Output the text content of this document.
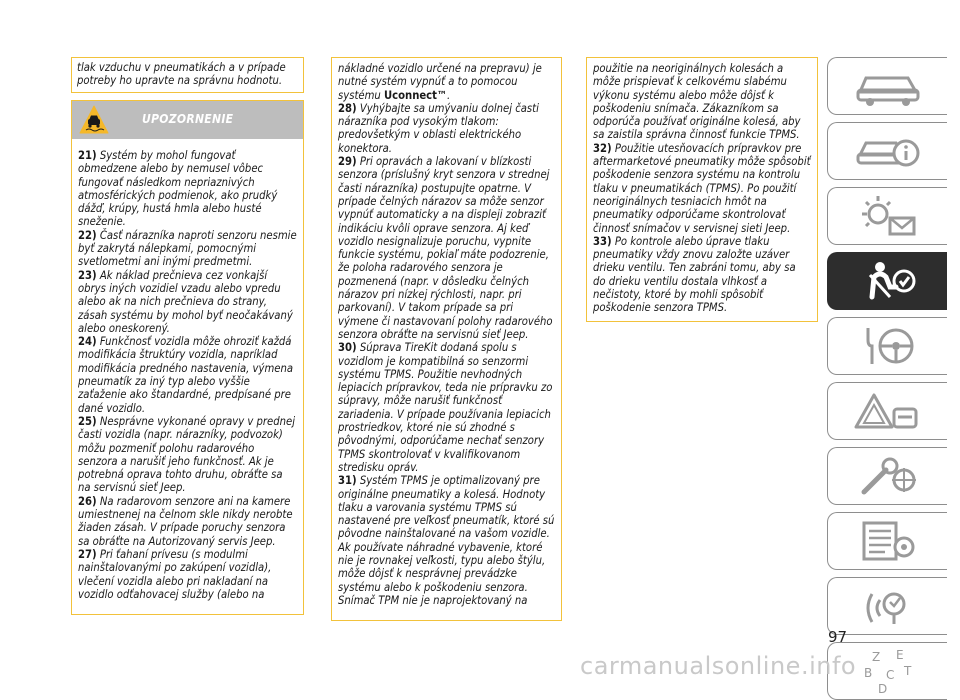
tlak vzduchu v pneumatikách a v prípade potreby ho upravte na správnu hodnotu.

UPOZORNENIE

21) Systém by mohol fungovať obmedzene alebo by nemusel vôbec fungovať následkom nepriaznivých atmosférických podmienok, ako prudký dážď, krúpy, hustá hmla alebo husté sneženie.

22) Časť nárazníka naproti senzoru nesmie byť zakrytá nálepkami, pomocnými svetlometmi ani inými predmetmi.

23) Ak náklad prečnieva cez vonkajší obrys iných vozidiel vzadu alebo vpredu alebo ak na nich prečnieva do strany, zásah systému by mohol byť neočakávaný alebo oneskorený.

24) Funkčnosť vozidla môže ohroziť každá modifikácia štruktúry vozidla, napríklad modifikácia predného nastavenia, výmena pneumatík za iný typ alebo vyššie zaťaženie ako štandardné, predpísané pre dané vozidlo.

25) Nesprávne vykonané opravy v prednej časti vozidla (napr. nárazníky, podvozok) môžu pozmeniť polohu radarového senzora a narušiť jeho funkčnosť. Ak je potrebná oprava tohto druhu, obráťte sa na servisnú sieť Jeep.

26) Na radarovom senzore ani na kamere umiestnenej na čelnom skle nikdy nerobte žiaden zásah. V prípade poruchy senzora sa obráťte na Autorizovaný servis Jeep.

27) Pri ťahaní prívesu (s modulmi nainštalovanými po zakúpení vozidla), vlečení vozidla alebo pri nakladaní na vozidlo odťahovacej služby (alebo na

nákladné vozidlo určené na prepravu) je nutné systém vypnúť a to pomocou systému Uconnect™.

28) Vyhýbajte sa umývaniu dolnej časti nárazníka pod vysokým tlakom: predovšetkým v oblasti elektrického konektora.

29) Pri opravách a lakovaní v blízkosti senzora (príslušný kryt senzora v strednej časti nárazníka) postupujte opatrne. V prípade čelných nárazov sa môže senzor vypnúť automaticky a na displeji zobraziť indikáciu kvôli oprave senzora. Aj keď vozidlo nesignalizuje poruchu, vypnite funkcie systému, pokiaľ máte podozrenie, že poloha radarového senzora je pozmenená (napr. v dôsledku čelných nárazov pri nízkej rýchlosti, napr. pri parkovaní). V takom prípade sa pri výmene či nastavovaní polohy radarového senzora obráťte na servisnú sieť Jeep.

30) Súprava TireKit dodaná spolu s vozidlom je kompatibilná so senzormi systému TPMS. Použitie nevhodných lepiacich prípravkov, teda nie prípravku zo súpravy, môže narušiť funkčnosť zariadenia. V prípade používania lepiacich prostriedkov, ktoré nie sú zhodné s pôvodnými, odporúčame nechať senzory TPMS skontrolovať v kvalifikovanom stredisku opráv.

31) Systém TPMS je optimalizovaný pre originálne pneumatiky a kolesá. Hodnoty tlaku a varovania systému TPMS sú nastavené pre veľkosť pneumatík, ktoré sú pôvodne nainštalované na vašom vozidle. Ak používate náhradné vybavenie, ktoré nie je rovnakej veľkosti, typu alebo štýlu, môže dôjsť k nesprávnej prevádzke systému alebo k poškodeniu senzora. Snímač TPM nie je naprojektovaný na

použitie na neoriginálnych kolesách a môže prispievať k celkovému slabému výkonu systému alebo môže dôjsť k poškodeniu snímača. Zákazníkom sa odporúča používať originálne kolesá, aby sa zaistila správna činnosť funkcie TPMS.

32) Použitie utesňovacích prípravkov pre aftermarketové pneumatiky môže spôsobiť poškodenie senzora systému na kontrolu tlaku v pneumatikách (TPMS). Po použití neoriginálnych tesniacich hmôt na pneumatiky odporúčame skontrolovať činnosť snímačov v servisnej sieti Jeep.

33) Po kontrole alebo úprave tlaku pneumatiky vždy znovu založte uzáver drieku ventilu. Ten zabráni tomu, aby sa do drieku ventilu dostala vlhkosť a nečistoty, ktoré by mohli spôsobiť poškodenie senzora TPMS.

Z E
B C T
D
97
carmanualsonline.info
